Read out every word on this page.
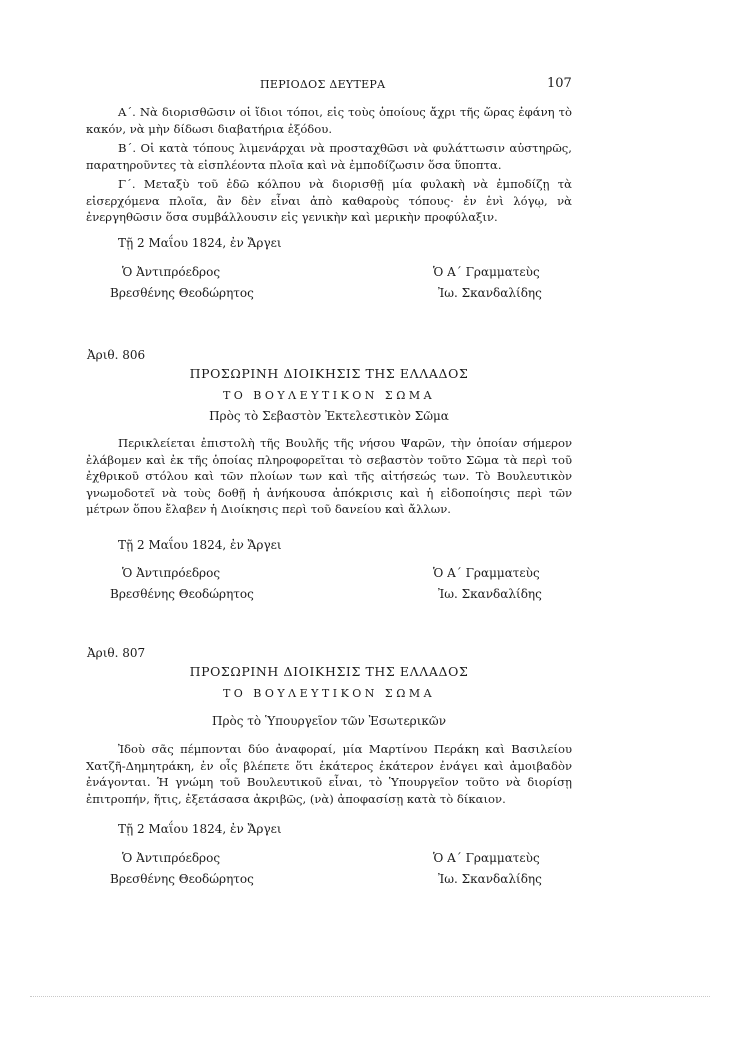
ΠΕΡΙΟΔΟΣ ΔΕΥΤΕΡΑ	107
Α΄. Νὰ διορισθῶσιν οἱ ἴδιοι τόποι, εἰς τοὺς ὁποίους ἄχρι τῆς ὥρας ἐφάνη τὸ κακόν, νὰ μὴν δίδωσι διαβατήρια ἐξόδου.
Β΄. Οἱ κατὰ τόπους λιμενάρχαι νὰ προσταχθῶσι νὰ φυλάττωσιν αὐστηρῶς, παρατηροῦντες τὰ εἰσπλέοντα πλοῖα καὶ νὰ ἐμποδίζωσιν ὅσα ὕποπτα.
Γ΄. Μεταξὺ τοῦ ἐδῶ κόλπου νὰ διορισθῇ μία φυλακὴ νὰ ἐμποδίζῃ τὰ εἰσερχόμενα πλοῖα, ἂν δὲν εἶναι ἀπὸ καθαροὺς τόπους· ἐν ἑνὶ λόγῳ, νὰ ἐνεργηθῶσιν ὅσα συμβάλλουσιν εἰς γενικὴν καὶ μερικὴν προφύλαξιν.
Τῇ 2 Μαΐου 1824, ἐν Ἄργει
Ὁ Ἀντιπρόεδρος
Βρεσθένης Θεοδώρητος
Ὁ Α΄ Γραμματεὺς
Ἰω. Σκανδαλίδης
Ἀριθ. 806
ΠΡΟΣΩΡΙΝΗ ΔΙΟΙΚΗΣΙΣ ΤΗΣ ΕΛΛΑΔΟΣ
ΤΟ ΒΟΥΛΕΥΤΙΚΟΝ ΣΩΜΑ
Πρὸς τὸ Σεβαστὸν Ἐκτελεστικὸν Σῶμα
Περικλείεται ἐπιστολὴ τῆς Βουλῆς τῆς νήσου Ψαρῶν, τὴν ὁποίαν σήμερον ἐλάβομεν καὶ ἐκ τῆς ὁποίας πληροφορεῖται τὸ σεβαστὸν τοῦτο Σῶμα τὰ περὶ τοῦ ἐχθρικοῦ στόλου καὶ τῶν πλοίων των καὶ τῆς αἰτήσεώς των. Τὸ Βουλευτικὸν γνωμοδοτεῖ νὰ τοὺς δοθῇ ἡ ἀνήκουσα ἀπόκρισις καὶ ἡ εἰδοποίησις περὶ τῶν μέτρων ὅπου ἔλαβεν ἡ Διοίκησις περὶ τοῦ δανείου καὶ ἄλλων.
Τῇ 2 Μαΐου 1824, ἐν Ἄργει
Ὁ Ἀντιπρόεδρος
Βρεσθένης Θεοδώρητος
Ὁ Α΄ Γραμματεὺς
Ἰω. Σκανδαλίδης
Ἀριθ. 807
ΠΡΟΣΩΡΙΝΗ ΔΙΟΙΚΗΣΙΣ ΤΗΣ ΕΛΛΑΔΟΣ
ΤΟ ΒΟΥΛΕΥΤΙΚΟΝ ΣΩΜΑ
Πρὸς τὸ Ὑπουργεῖον τῶν Ἐσωτερικῶν
Ἰδοὺ σᾶς πέμπονται δύο ἀναφοραί, μία Μαρτίνου Περάκη καὶ Βασιλείου Χατζῆ-Δημητράκη, ἐν οἷς βλέπετε ὅτι ἑκάτερος ἑκάτερον ἐνάγει καὶ ἀμοιβαδὸν ἐνάγονται. Ἡ γνώμη τοῦ Βουλευτικοῦ εἶναι, τὸ Ὑπουργεῖον τοῦτο νὰ διορίσῃ ἐπιτροπήν, ἥτις, ἐξετάσασα ἀκριβῶς, (νὰ) ἀποφασίσῃ κατὰ τὸ δίκαιον.
Τῇ 2 Μαΐου 1824, ἐν Ἄργει
Ὁ Ἀντιπρόεδρος
Βρεσθένης Θεοδώρητος
Ὁ Α΄ Γραμματεὺς
Ἰω. Σκανδαλίδης
